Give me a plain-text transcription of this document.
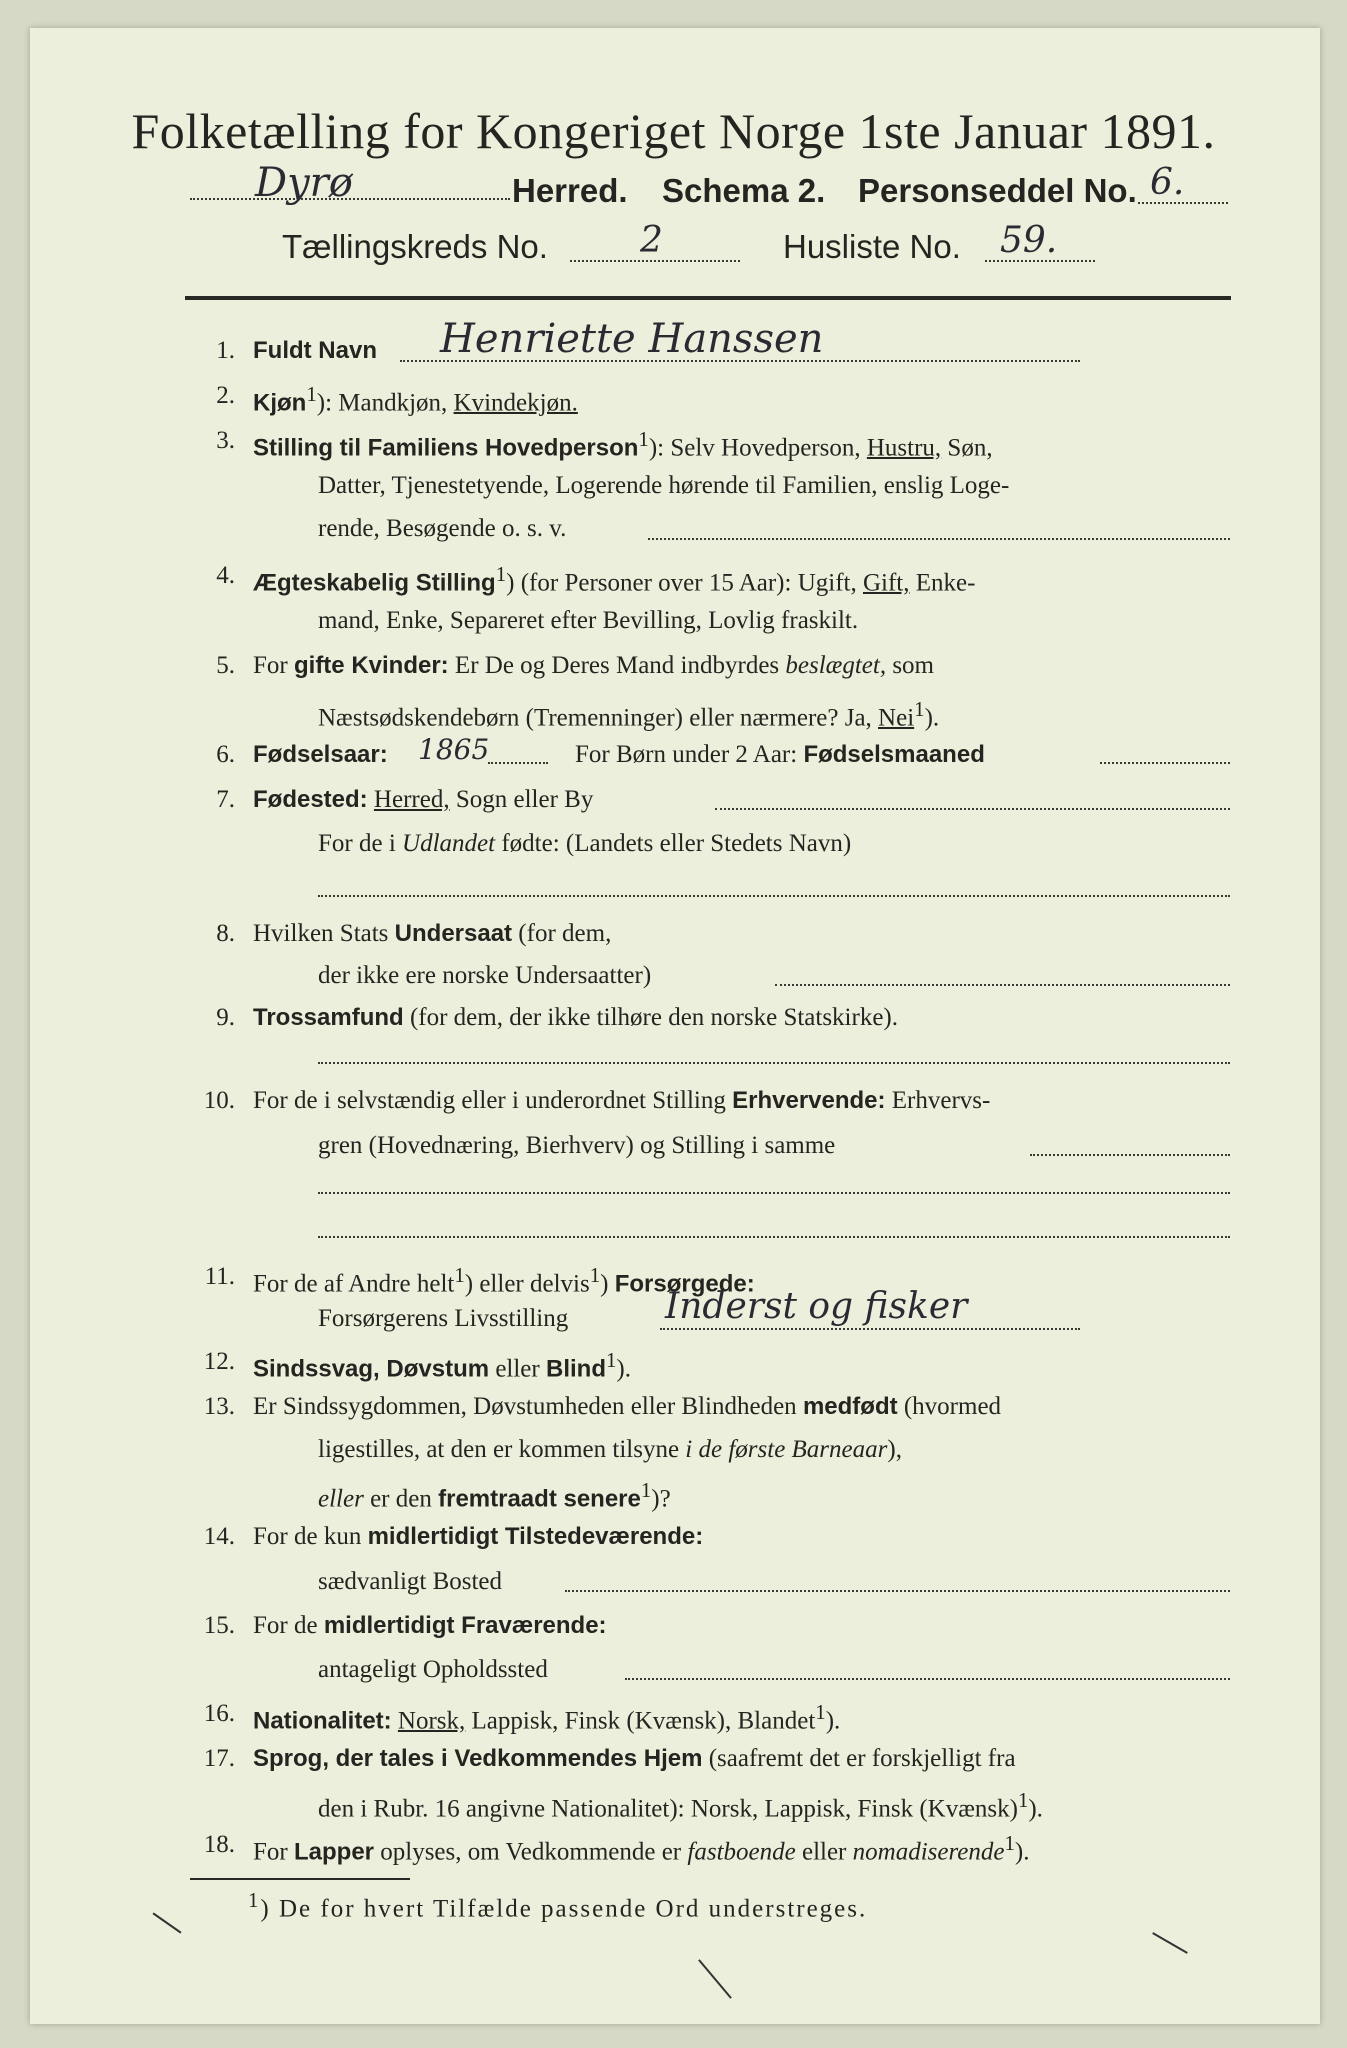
Folketælling for Kongeriget Norge 1ste Januar 1891.
Dyrø	Herred. Schema 2. Personseddel No. 6.
Tællingskreds No.	2	Husliste No. 59.
1. Fuldt Navn Henriette Hanssen
2. Kjøn$^1$): Mandkjøn, Kvindekjøn.
3. Stilling til Familiens Hovedperson$^1$): Selv Hovedperson, Hustru, Søn,
Datter, Tjenestetyende, Logerende hørende til Familien, enslig Loge-
rende, Besøgende o. s. v.
4. Ægteskabelig Stilling$^1$) (for Personer over 15 Aar): Ugift, Gift, Enke-
mand, Enke, Separeret efter Bevilling, Lovlig fraskilt.
5. For gifte Kvinder: Er De og Deres Mand indbyrdes beslægtet, som
Næstsødskendebørn (Tremenninger) eller nærmere? Ja, Nei$^1$).
6. Fødselsaar: 1865	For Børn under 2 Aar: Fødselsmaaned
7. Fødested: Herred, Sogn eller By
For de i Udlandet fødte: (Landets eller Stedets Navn)
8. Hvilken Stats Undersaat (for dem,
der ikke ere norske Undersaatter)
9. Trossamfund (for dem, der ikke tilhøre den norske Statskirke).
10. For de i selvstændig eller i underordnet Stilling Erhvervende: Erhvervs-
gren (Hovednæring, Bierhverv) og Stilling i samme
11. For de af Andre helt$^1$) eller delvis$^1$) Forsørgede:
Forsørgerens Livsstilling	Inderst og fisker
12. Sindssvag, Døvstum eller Blind$^1$).
13. Er Sindssygdommen, Døvstumheden eller Blindheden medfødt (hvormed
ligestilles, at den er kommen tilsyne i de første Barneaar),
eller er den fremtraadt senere$^1$)?
14. For de kun midlertidigt Tilstedeværende:
sædvanligt Bosted
15. For de midlertidigt Fraværende:
antageligt Opholdssted
16. Nationalitet: Norsk, Lappisk, Finsk (Kvænsk), Blandet$^1$).
17. Sprog, der tales i Vedkommendes Hjem (saafremt det er forskjelligt fra
den i Rubr. 16 angivne Nationalitet): Norsk, Lappisk, Finsk (Kvænsk)$^1$).
18. For Lapper oplyses, om Vedkommende er fastboende eller nomadiserende$^1$).
$^1$) De for hvert Tilfælde passende Ord understreges.
